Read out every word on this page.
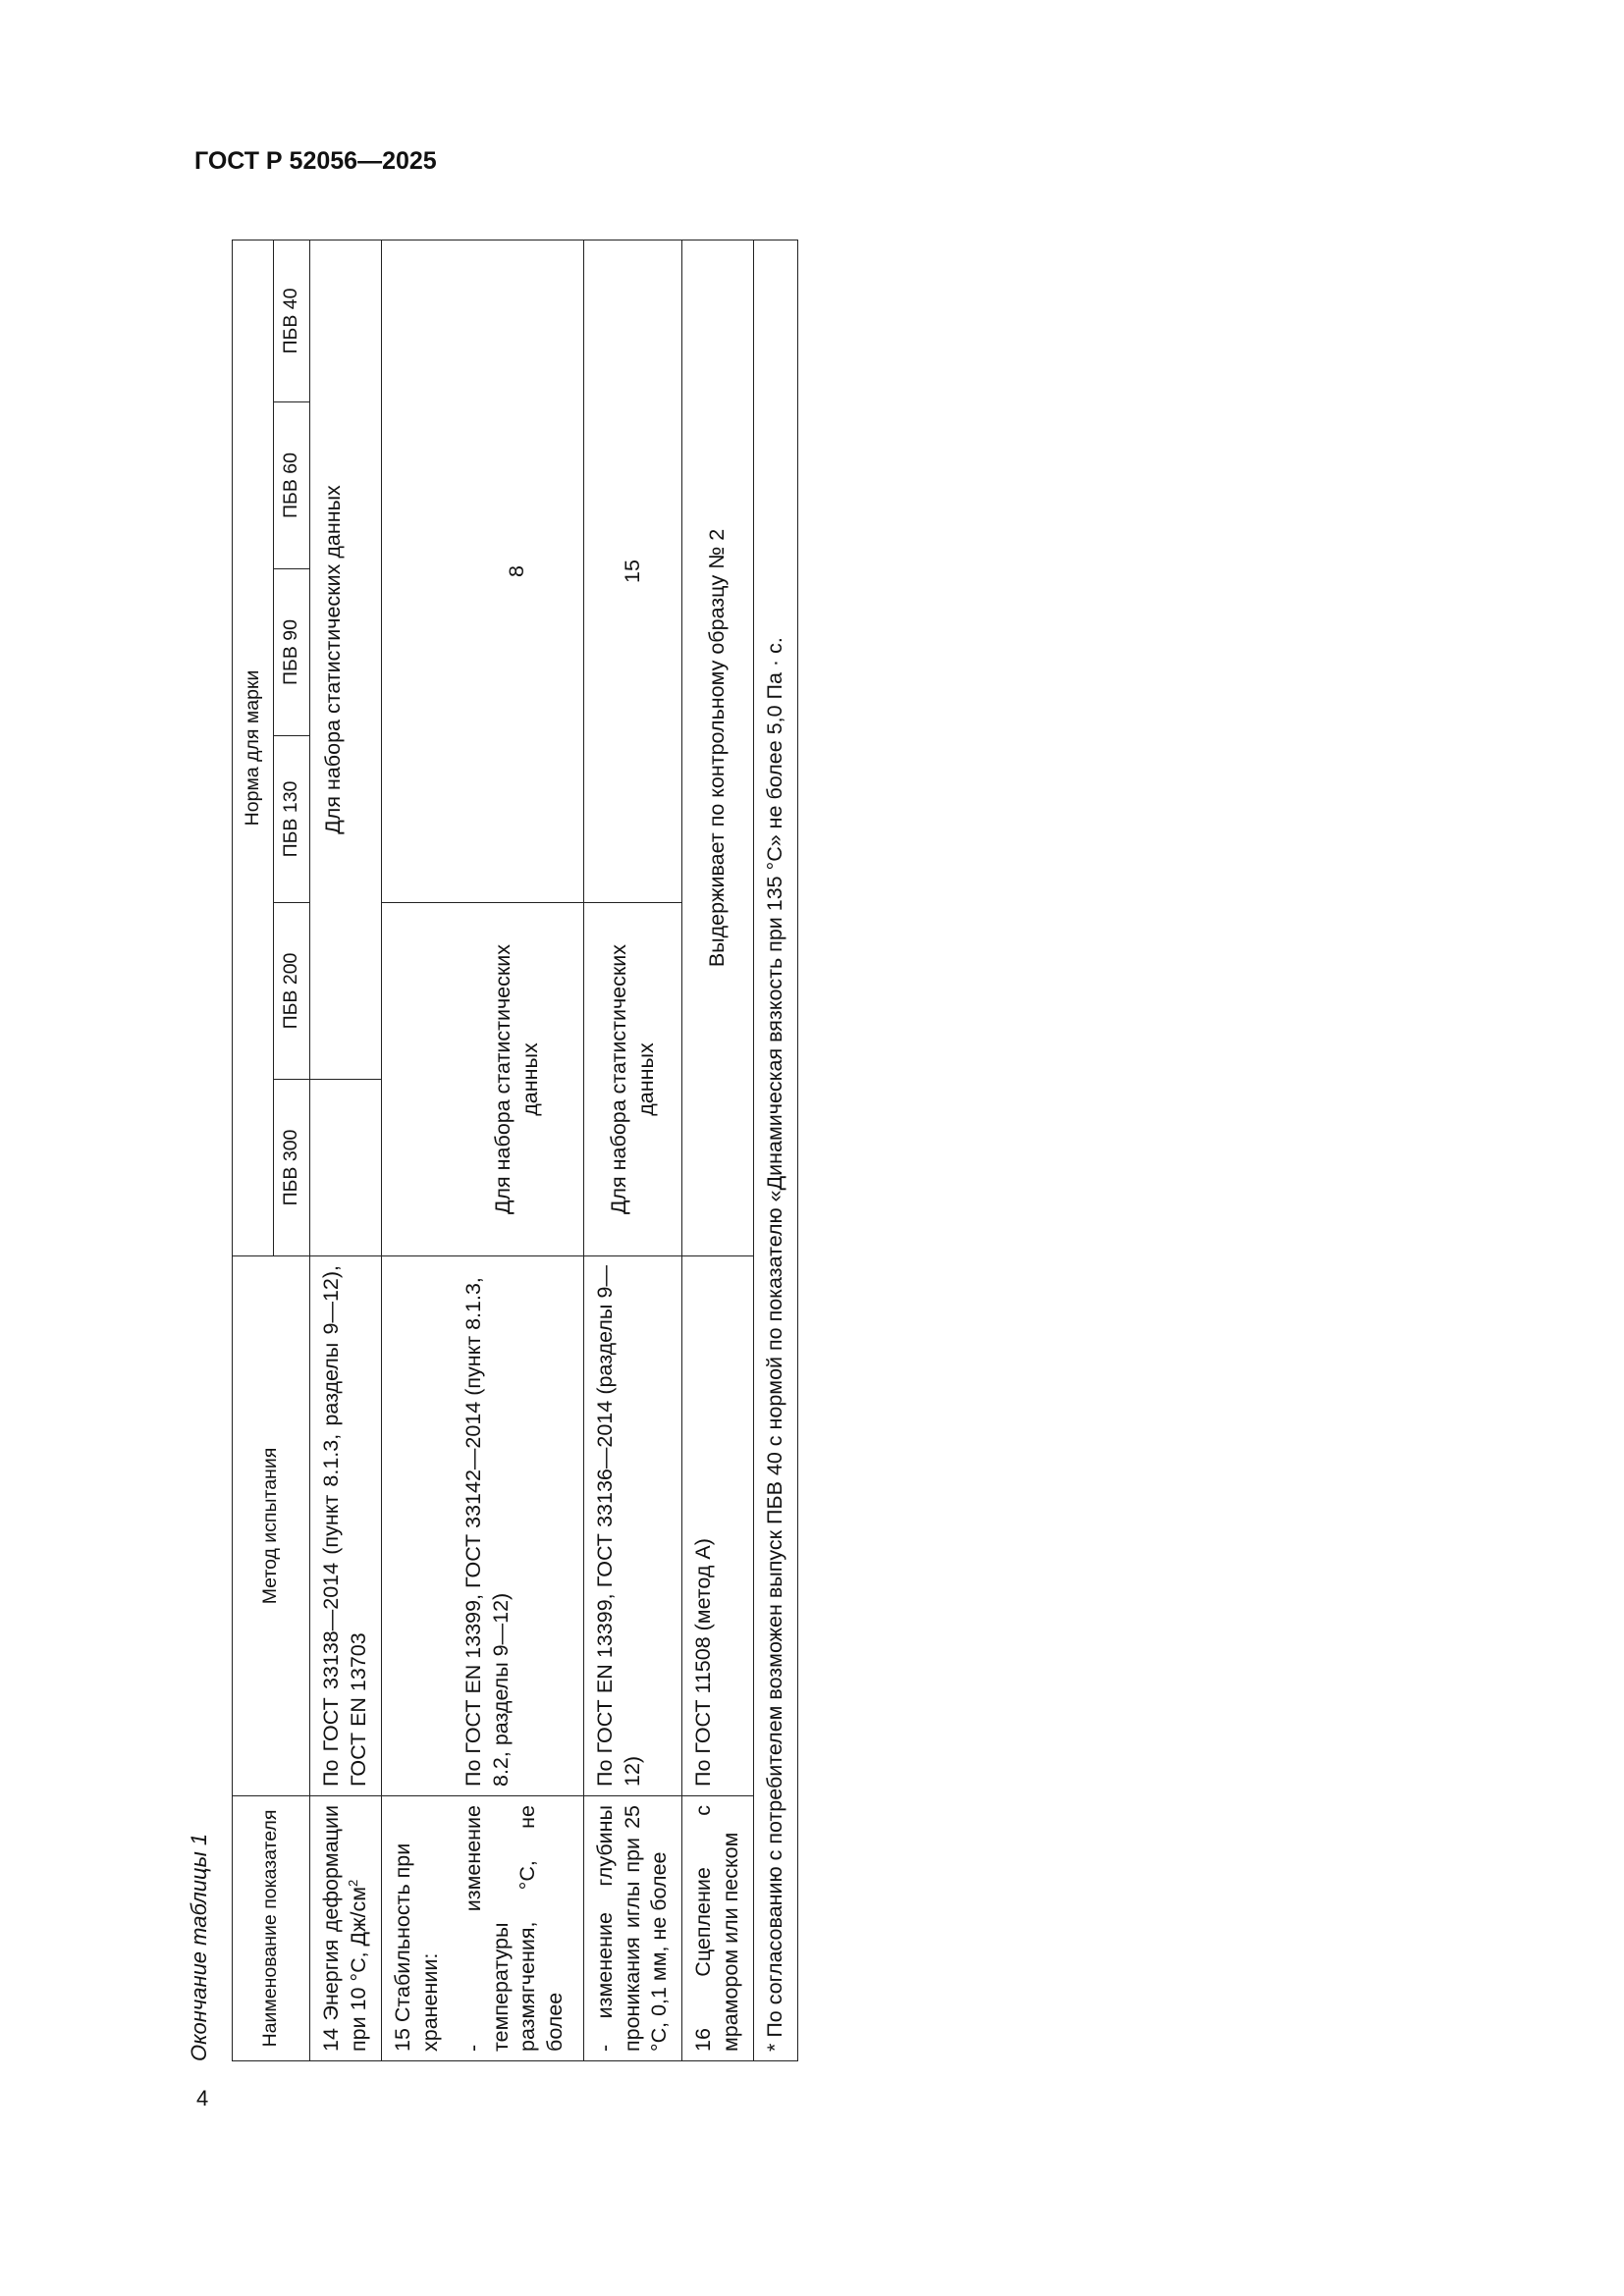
ГОСТ Р 52056—2025
4
Окончание таблицы 1	Наименование показателя	Метод испытания	Норма для марки					
		ПБВ 300	ПБВ 200	ПБВ 130	ПБВ 90	ПБВ 60	ПБВ 40
14 Энергия деформации при 10 °С, $Дж/см^2$	По ГОСТ 33138—2014 (пункт 8.1.3, разделы 9—12), ГОСТ EN 13703		Для набора статистических данных				
15 Стабильность при хранении:							
- изменение температуры размягчения, °С, не более	По ГОСТ EN 13399, ГОСТ 33142—2014 (пункт 8.1.3, 8.2, разделы 9—12)	Для набора статистических данных		8			
- изменение глубины проникания иглы при 25 °С, 0,1 мм, не более	По ГОСТ EN 13399, ГОСТ 33136—2014 (разделы 9—12)	Для набора статистических данных		15			
16 Сцепление с мрамором или песком	По ГОСТ 11508 (метод А)	Выдерживает по контрольному образцу № 2					
* По согласованию с потребителем возможен выпуск ПБВ 40 с нормой по показателю «Динамическая вязкость при 135 °С» не более 5,0 Па · с.							
